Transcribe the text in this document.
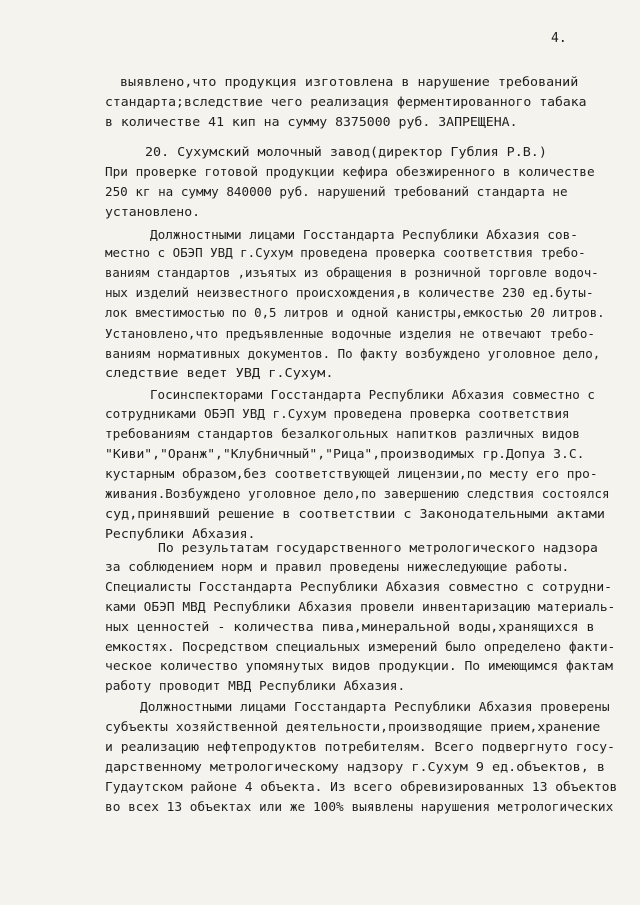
4.
выявлено,что продукция изготовлена в нарушение требований
стандарта;вследствие чего реализация ферментированного табака
в количестве 41 кип на сумму 8375000 руб. ЗАПРЕЩЕНА.
20. Сухумский молочный завод(директор Гублия Р.В.)
При проверке готовой продукции кефира обезжиренного в количестве
250 кг на сумму 840000 руб. нарушений требований стандарта не
установлено.
Должностными лицами Госстандарта Республики Абхазия сов-
местно с ОБЭП УВД г.Сухум проведена проверка соответствия требо-
ваниям стандартов ,изъятых из обращения в розничной торговле водоч-
ных изделий неизвестного происхождения,в количестве 230 ед.буты-
лок вместимостью по 0,5 литров и одной канистры,емкостью 20 литров.
Установлено,что предъявленные водочные изделия не отвечают требо-
ваниям нормативных документов. По факту возбуждено уголовное дело,
следствие ведет УВД г.Сухум.
Госинспекторами Госстандарта Республики Абхазия совместно с
сотрудниками ОБЭП УВД г.Сухум проведена проверка соответствия
требованиям стандартов безалкогольных напитков различных видов
"Киви","Оранж","Клубничный","Рица",производимых гр.Допуа З.С.
кустарным образом,без соответствующей лицензии,по месту его про-
живания.Возбуждено уголовное дело,по завершению следствия состоялся
суд,принявший решение в соответствии с Законодательными актами
Республики Абхазия.
По результатам государственного метрологического надзора
за соблюдением норм и правил проведены нижеследующие работы.
Специалисты Госстандарта Республики Абхазия совместно с сотрудни-
ками ОБЭП МВД Республики Абхазия провели инвентаризацию материаль-
ных ценностей - количества пива,минеральной воды,хранящихся в
емкостях. Посредством специальных измерений было определено факти-
ческое количество упомянутых видов продукции. По имеющимся фактам
работу проводит МВД Республики Абхазия.
Должностными лицами Госстандарта Республики Абхазия проверены
субъекты хозяйственной деятельности,производящие прием,хранение
и реализацию нефтепродуктов потребителям. Всего подвергнуто госу-
дарственному метрологическому надзору г.Сухум 9 ед.объектов, в
Гудаутском районе 4 объекта. Из всего обревизированных 13 объектов
во всех 13 объектах или же 100% выявлены нарушения метрологических
